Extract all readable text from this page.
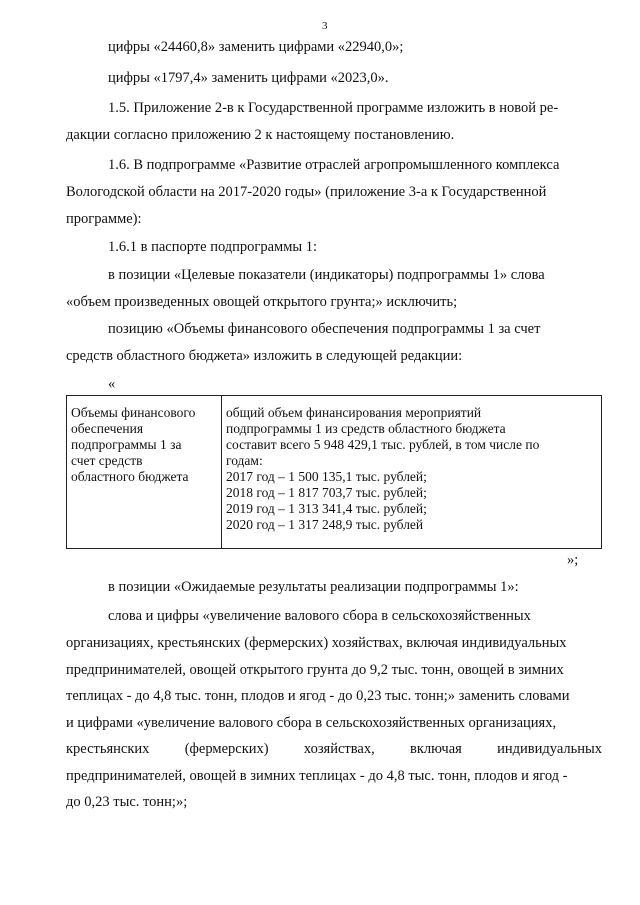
3
цифры «24460,8» заменить цифрами «22940,0»;
цифры «1797,4» заменить цифрами «2023,0».
1.5. Приложение 2-в к Государственной программе изложить в новой ре-
дакции согласно приложению 2 к настоящему постановлению.
1.6. В подпрограмме «Развитие отраслей агропромышленного комплекса
Вологодской области на 2017-2020 годы» (приложение 3-а к Государственной
программе):
1.6.1 в паспорте подпрограммы 1:
в позиции «Целевые показатели (индикаторы) подпрограммы 1» слова
«объем произведенных овощей открытого грунта;» исключить;
позицию «Объемы финансового обеспечения подпрограммы 1 за счет
средств областного бюджета» изложить в следующей редакции:
«
Объемы финансового
обеспечения
подпрограммы 1 за
счет средств
областного бюджета

общий объем финансирования мероприятий
подпрограммы 1 из средств областного бюджета
составит всего 5 948 429,1 тыс. рублей, в том числе по
годам:
2017 год – 1 500 135,1 тыс. рублей;
2018 год – 1 817 703,7 тыс. рублей;
2019 год – 1 313 341,4 тыс. рублей;
2020 год – 1 317 248,9 тыс. рублей
»;
в позиции «Ожидаемые результаты реализации подпрограммы 1»:
слова и цифры «увеличение валового сбора в сельскохозяйственных
организациях, крестьянских (фермерских) хозяйствах, включая индивидуальных
предпринимателей, овощей открытого грунта до 9,2 тыс. тонн, овощей в зимних
теплицах - до 4,8 тыс. тонн, плодов и ягод - до 0,23 тыс. тонн;» заменить словами
и цифрами «увеличение валового сбора в сельскохозяйственных организациях,
крестьянских (фермерских) хозяйствах, включая индивидуальных
предпринимателей, овощей в зимних теплицах - до 4,8 тыс. тонн, плодов и ягод -
до 0,23 тыс. тонн;»;
